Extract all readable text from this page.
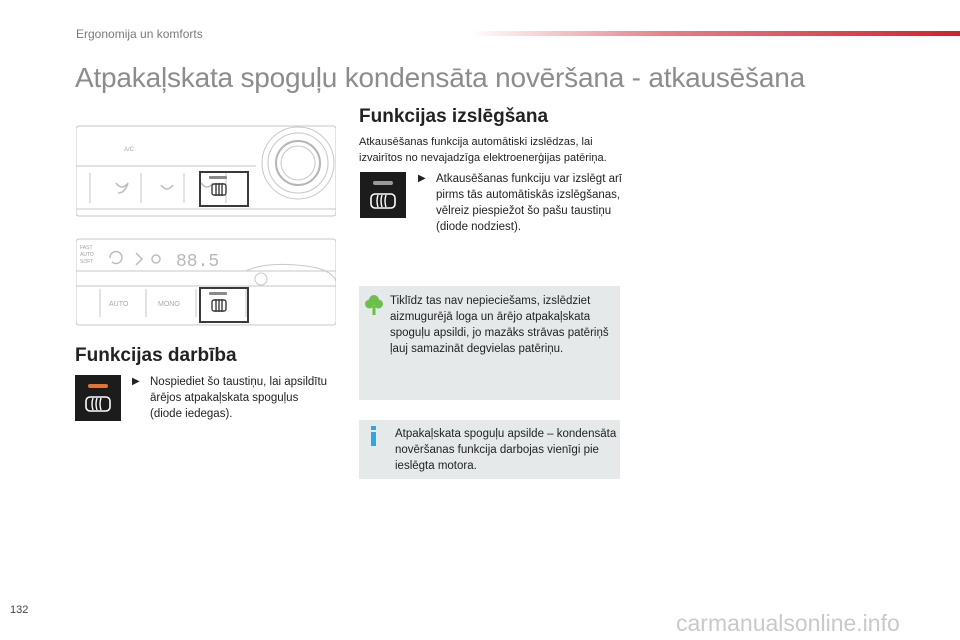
Ergonomija un komforts
Atpakaļskata spoguļu kondensāta novēršana - atkausēšana
A/C
FAST
AUTO
SOFT	88.5
AUTO	MONO
Funkcijas darbība
▶ Nospiediet šo taustiņu, lai apsildītu ārējos atpakaļskata spoguļus (diode iedegas).
Funkcijas izslēgšana
Atkausēšanas funkcija automātiski izslēdzas, lai izvairītos no nevajadzīga elektroenerģijas patēriņa.
▶ Atkausēšanas funkciju var izslēgt arī pirms tās automātiskās izslēgšanas, vēlreiz piespiežot šo pašu taustiņu (diode nodziest).
Tiklīdz tas nav nepieciešams, izslēdziet aizmugurējā loga un ārējo atpakaļskata spoguļu apsildi, jo mazāks strāvas patēriņš ļauj samazināt degvielas patēriņu.
Atpakaļskata spoguļu apsilde – kondensāta novēršanas funkcija darbojas vienīgi pie ieslēgta motora.
132	carmanualsonline.info
